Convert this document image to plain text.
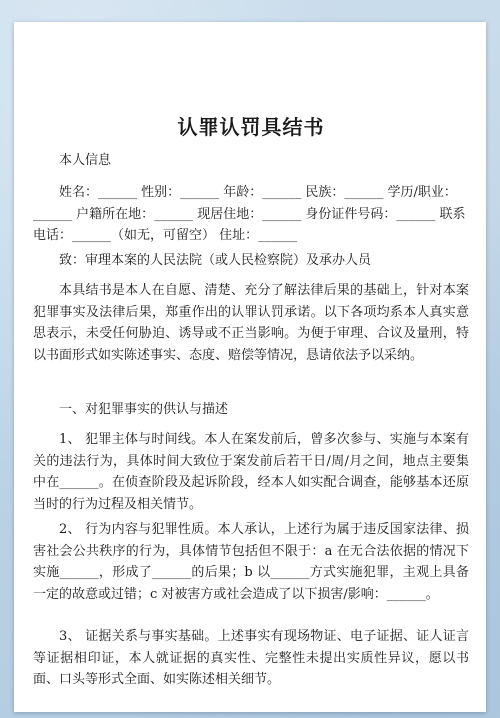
认罪认罚具结书

本人信息

姓名：______ 性别：______ 年龄：______ 民族：______ 学历/职业：______ 户籍所在地：______ 现居住地：______ 身份证件号码：______ 联系电话：______（如无，可留空） 住址：______

致：审理本案的人民法院（或人民检察院）及承办人员

本具结书是本人在自愿、清楚、充分了解法律后果的基础上，针对本案犯罪事实及法律后果，郑重作出的认罪认罚承诺。以下各项均系本人真实意思表示，未受任何胁迫、诱导或不正当影响。为便于审理、合议及量刑，特以书面形式如实陈述事实、态度、赔偿等情况，恳请依法予以采纳。

一、对犯罪事实的供认与描述

1、 犯罪主体与时间线。本人在案发前后，曾多次参与、实施与本案有关的违法行为，具体时间大致位于案发前后若干日/周/月之间，地点主要集中在______。在侦查阶段及起诉阶段，经本人如实配合调查，能够基本还原当时的行为过程及相关情节。

2、 行为内容与犯罪性质。本人承认，上述行为属于违反国家法律、损害社会公共秩序的行为，具体情节包括但不限于：a 在无合法依据的情况下实施______，形成了______的后果；b 以______方式实施犯罪，主观上具备一定的故意或过错；c 对被害方或社会造成了以下损害/影响：______。

3、 证据关系与事实基础。上述事实有现场物证、电子证据、证人证言等证据相印证，本人就证据的真实性、完整性未提出实质性异议，愿以书面、口头等形式全面、如实陈述相关细节。
